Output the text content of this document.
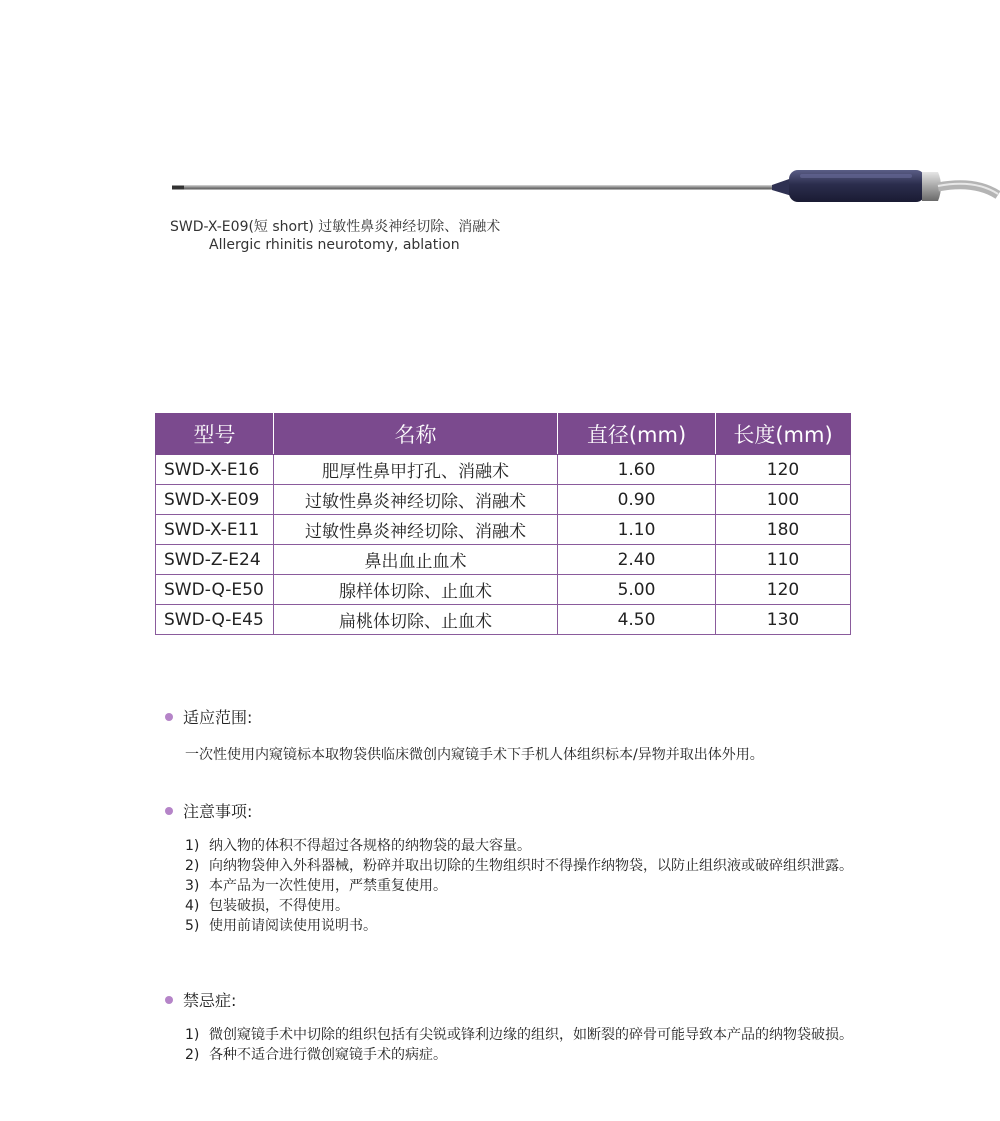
SWD-X-E09(短 short) 过敏性鼻炎神经切除、消融术
Allergic rhinitis neurotomy, ablation
型号	名称	直径(mm)	长度(mm)
SWD-X-E16	肥厚性鼻甲打孔、消融术	1.60	120
SWD-X-E09	过敏性鼻炎神经切除、消融术	0.90	100
SWD-X-E11	过敏性鼻炎神经切除、消融术	1.10	180
SWD-Z-E24	鼻出血止血术	2.40	110
SWD-Q-E50	腺样体切除、止血术	5.00	120
SWD-Q-E45	扁桃体切除、止血术	4.50	130
适应范围:
一次性使用内窥镜标本取物袋供临床微创内窥镜手术下手机人体组织标本/异物并取出体外用。
注意事项:
1) 纳入物的体积不得超过各规格的纳物袋的最大容量。
2) 向纳物袋伸入外科器械，粉碎并取出切除的生物组织时不得操作纳物袋，以防止组织液或破碎组织泄露。
3) 本产品为一次性使用，严禁重复使用。
4) 包装破损，不得使用。
5) 使用前请阅读使用说明书。
禁忌症:
1) 微创窥镜手术中切除的组织包括有尖锐或锋利边缘的组织，如断裂的碎骨可能导致本产品的纳物袋破损。
2) 各种不适合进行微创窥镜手术的病症。
